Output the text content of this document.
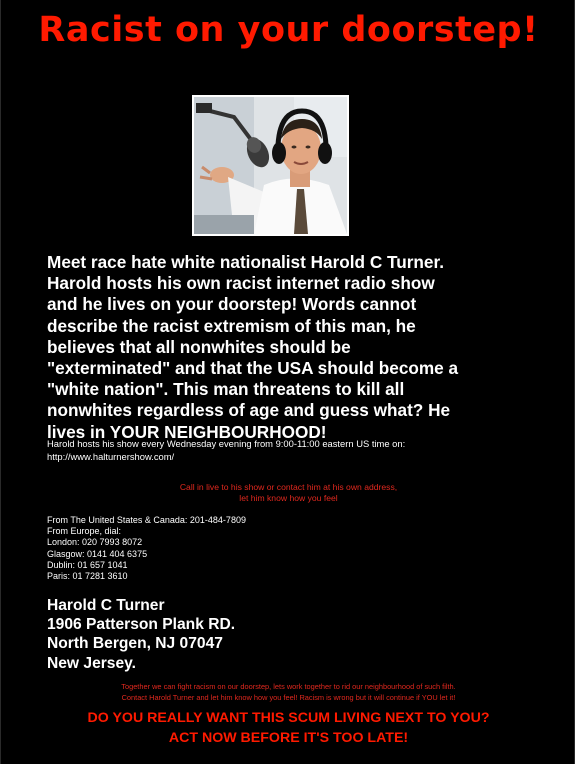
Racist on your doorstep!
Meet race hate white nationalist Harold C Turner.
Harold hosts his own racist internet radio show
and he lives on your doorstep! Words cannot
describe the racist extremism of this man, he
believes that all nonwhites should be
"exterminated" and that the USA should become a
"white nation". This man threatens to kill all
nonwhites regardless of age and guess what? He
lives in YOUR NEIGHBOURHOOD!
Harold hosts his show every Wednesday evening from 9:00-11:00 eastern US time on:
http://www.halturnershow.com/
Call in live to his show or contact him at his own address,
let him know how you feel
From The United States & Canada: 201-484-7809
From Europe, dial:
London: 020 7993 8072
Glasgow: 0141 404 6375
Dublin: 01 657 1041
Paris: 01 7281 3610
Harold C Turner
1906 Patterson Plank RD.
North Bergen, NJ 07047
New Jersey.
Together we can fight racism on our doorstep, lets work together to rid our neighbourhood of such filth.
Contact Harold Turner and let him know how you feel! Racism is wrong but it will continue if YOU let it!
DO YOU REALLY WANT THIS SCUM LIVING NEXT TO YOU?
ACT NOW BEFORE IT'S TOO LATE!
